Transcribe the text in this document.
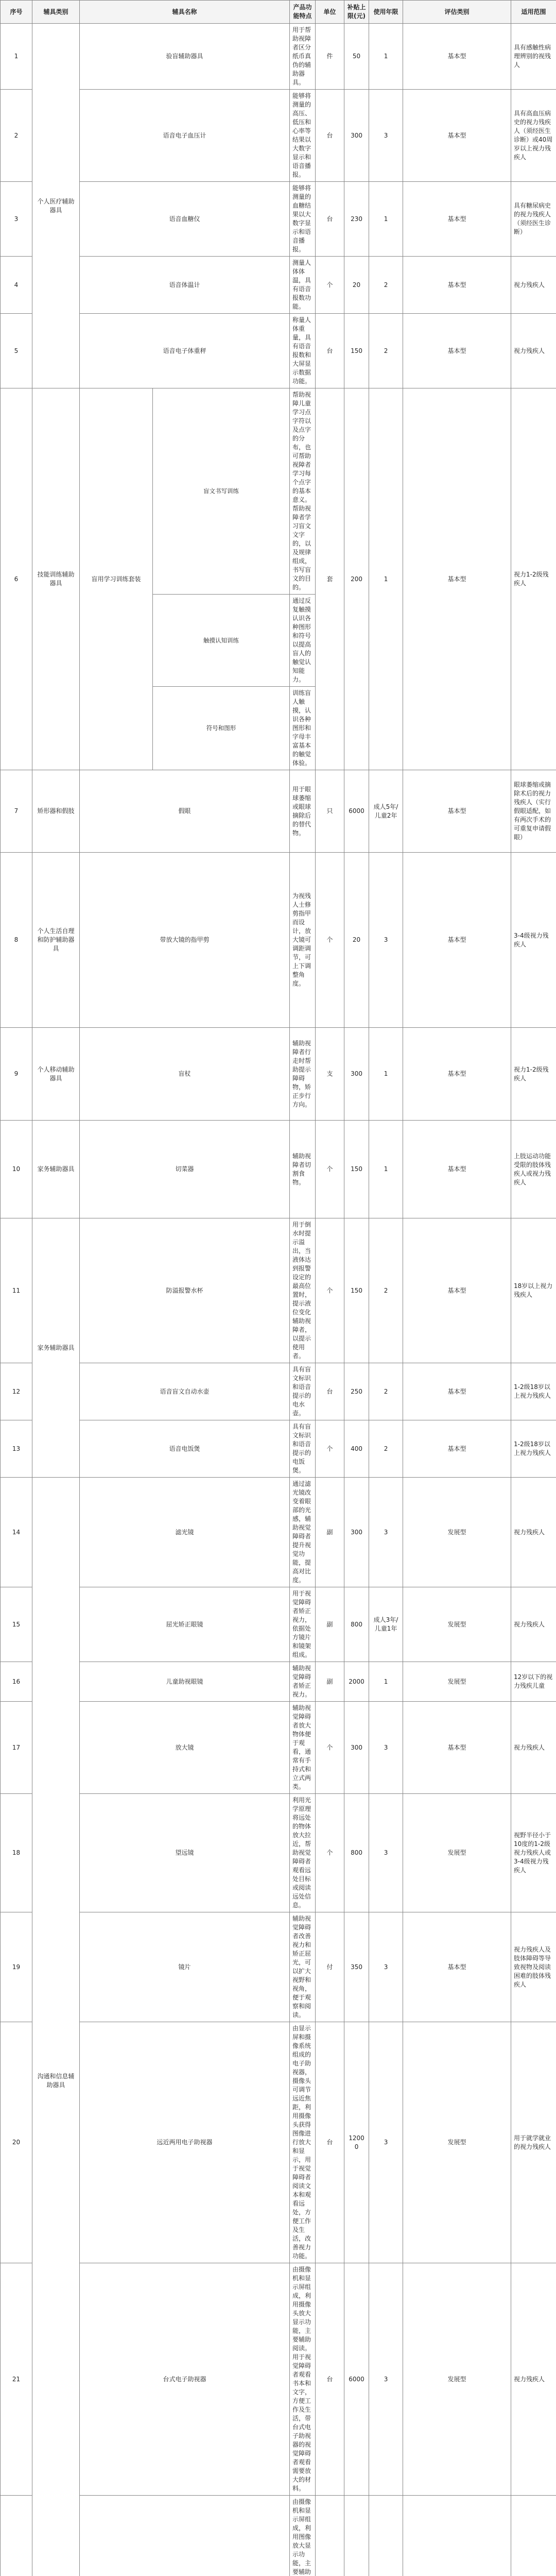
序号	辅具类别	辅具名称		产品功能特点	单位	补贴上限(元)	使用年限	评估类别	适用范围	
1	个人医疗辅助器具	验盲辅助器具		用于帮助视障者区分纸币真伪的辅助器具。	件	50	1	基本型	具有感触性病理辨别的视残人	
2		语音电子血压计		能够将测量的高压、低压和心率等结果以大数字显示和语音播报。	台	300	3	基本型	具有高血压病史的视力残疾人（须经医生诊断）或40周岁以上视力残疾人	
3		语音血糖仪		能够将测量的血糖结果以大数字显示和语音播报。	台	230	1	基本型	具有糖尿病史的视力残疾人（须经医生诊断）	
4		语音体温计		测量人体体温，具有语音报数功能。	个	20	2	基本型	视力残疾人	
5		语音电子体重秤		称量人体重量，具有语音报数和大屏显示数据功能。	台	150	2	基本型	视力残疾人	
6	技能训练辅助器具	盲用学习训练套装	盲文书写训练	帮助视障儿童学习点字符以及点字的分布，也可帮助视障者学习每个点字的基本意义。帮助视障者学习盲文文字的，以及规律组成，书写盲文的目的。	套	200	1	基本型	视力1-2级残疾人	
			触摸认知训练	通过反复触摸认识各种图形和符号以提高盲人的触觉认知能力。						
			符号和图形	训练盲人触摸，认识各种图形和字母丰富基本的触觉体验。						
7	矫形器和假肢	假眼		用于眼球萎缩或眼球摘除后的替代物。	只	6000	成人5年/儿童2年	基本型	眼球萎缩或摘除术后的视力残疾人（实行假眼适配，如有两次手术的可重复申请假眼）	
8	个人生活自理和防护辅助器具	带放大镜的指甲剪		为视残人士修剪指甲而设计，放大镜可调距调节，可上下调整角度。	个	20	3	基本型	3-4级视力残疾人	
9	个人移动辅助器具	盲杖		辅助视障者行走时帮助提示障碍物，矫正步行方向。	支	300	1	基本型	视力1-2级残疾人	
10	家务辅助器具	切菜器		辅助视障者切割食物。	个	150	1	基本型	上肢运动功能受限的肢体残疾人或视力残疾人	
11	家务辅助器具	防溢报警水杯		用于倒水时提示溢出，当液体达到报警设定的最高位置时，提示液位变化辅助视障者，以提示使用者。	个	150	2	基本型	18岁以上视力残疾人	
12		语音盲文自动水壶		具有盲文标识和语音提示的电水壶。	台	250	2	基本型	1-2级18岁以上视力残疾人	
13		语音电饭煲		具有盲文标识和语音提示的电饭煲。	个	400	2	基本型	1-2级18岁以上视力残疾人	
14	沟通和信息辅助器具	滤光镜		通过滤光镜改变着眼部的光感，辅助视觉障碍者提升视觉功能，提高对比度。	副	300	3	发展型	视力残疾人	
15		屈光矫正眼镜		用于视觉障碍者矫正视力，依据处方镜片和镜架组成。	副	800	成人3年/儿童1年	发展型	视力残疾人	
16		儿童助视眼镜		辅助视觉障碍者矫正视力。	副	2000	1	发展型	12岁以下的视力残疾儿童	
17		放大镜		辅助视觉障碍者放大物体便于观看，通常有手持式和立式两类。	个	300	3	基本型	视力残疾人	
18		望远镜		利用光学原理将远处的物体放大拉近，帮助视觉障碍者观看远处目标或阅读远处信息。	个	800	3	发展型	视野半径小于10度的1-2级视力残疾人或3-4级视力残疾人	
19		镜片		辅助视觉障碍者改善视力和矫正屈光，可以扩大视野和视角，便于观察和阅读。	付	350	3	基本型	视力残疾人及肢体障碍等导致视物及阅读困难的肢体残疾人	
20		远近两用电子助视器		由显示屏和摄像系统组成的电子助视器，摄像头可调节远近焦距，利用摄像头获得图像进行放大和显示，用于视觉障碍者阅读文本和观看远处，方便工作及生活，改善视力功能。	台	12000	3	发展型	用于就学就业的视力残疾人	
21		台式电子助视器		由摄像机和显示屏组成，利用摄像头放大显示功能，主要辅助阅读。用于视觉障碍者观看书本和文字，方便工作及生活，带台式电子助视器的视觉障碍者观看需要放大的材料。	台	6000	3	发展型	视力残疾人	
		由摄像机和显示屏组成，利用图像放大显示功能，主要辅助						
